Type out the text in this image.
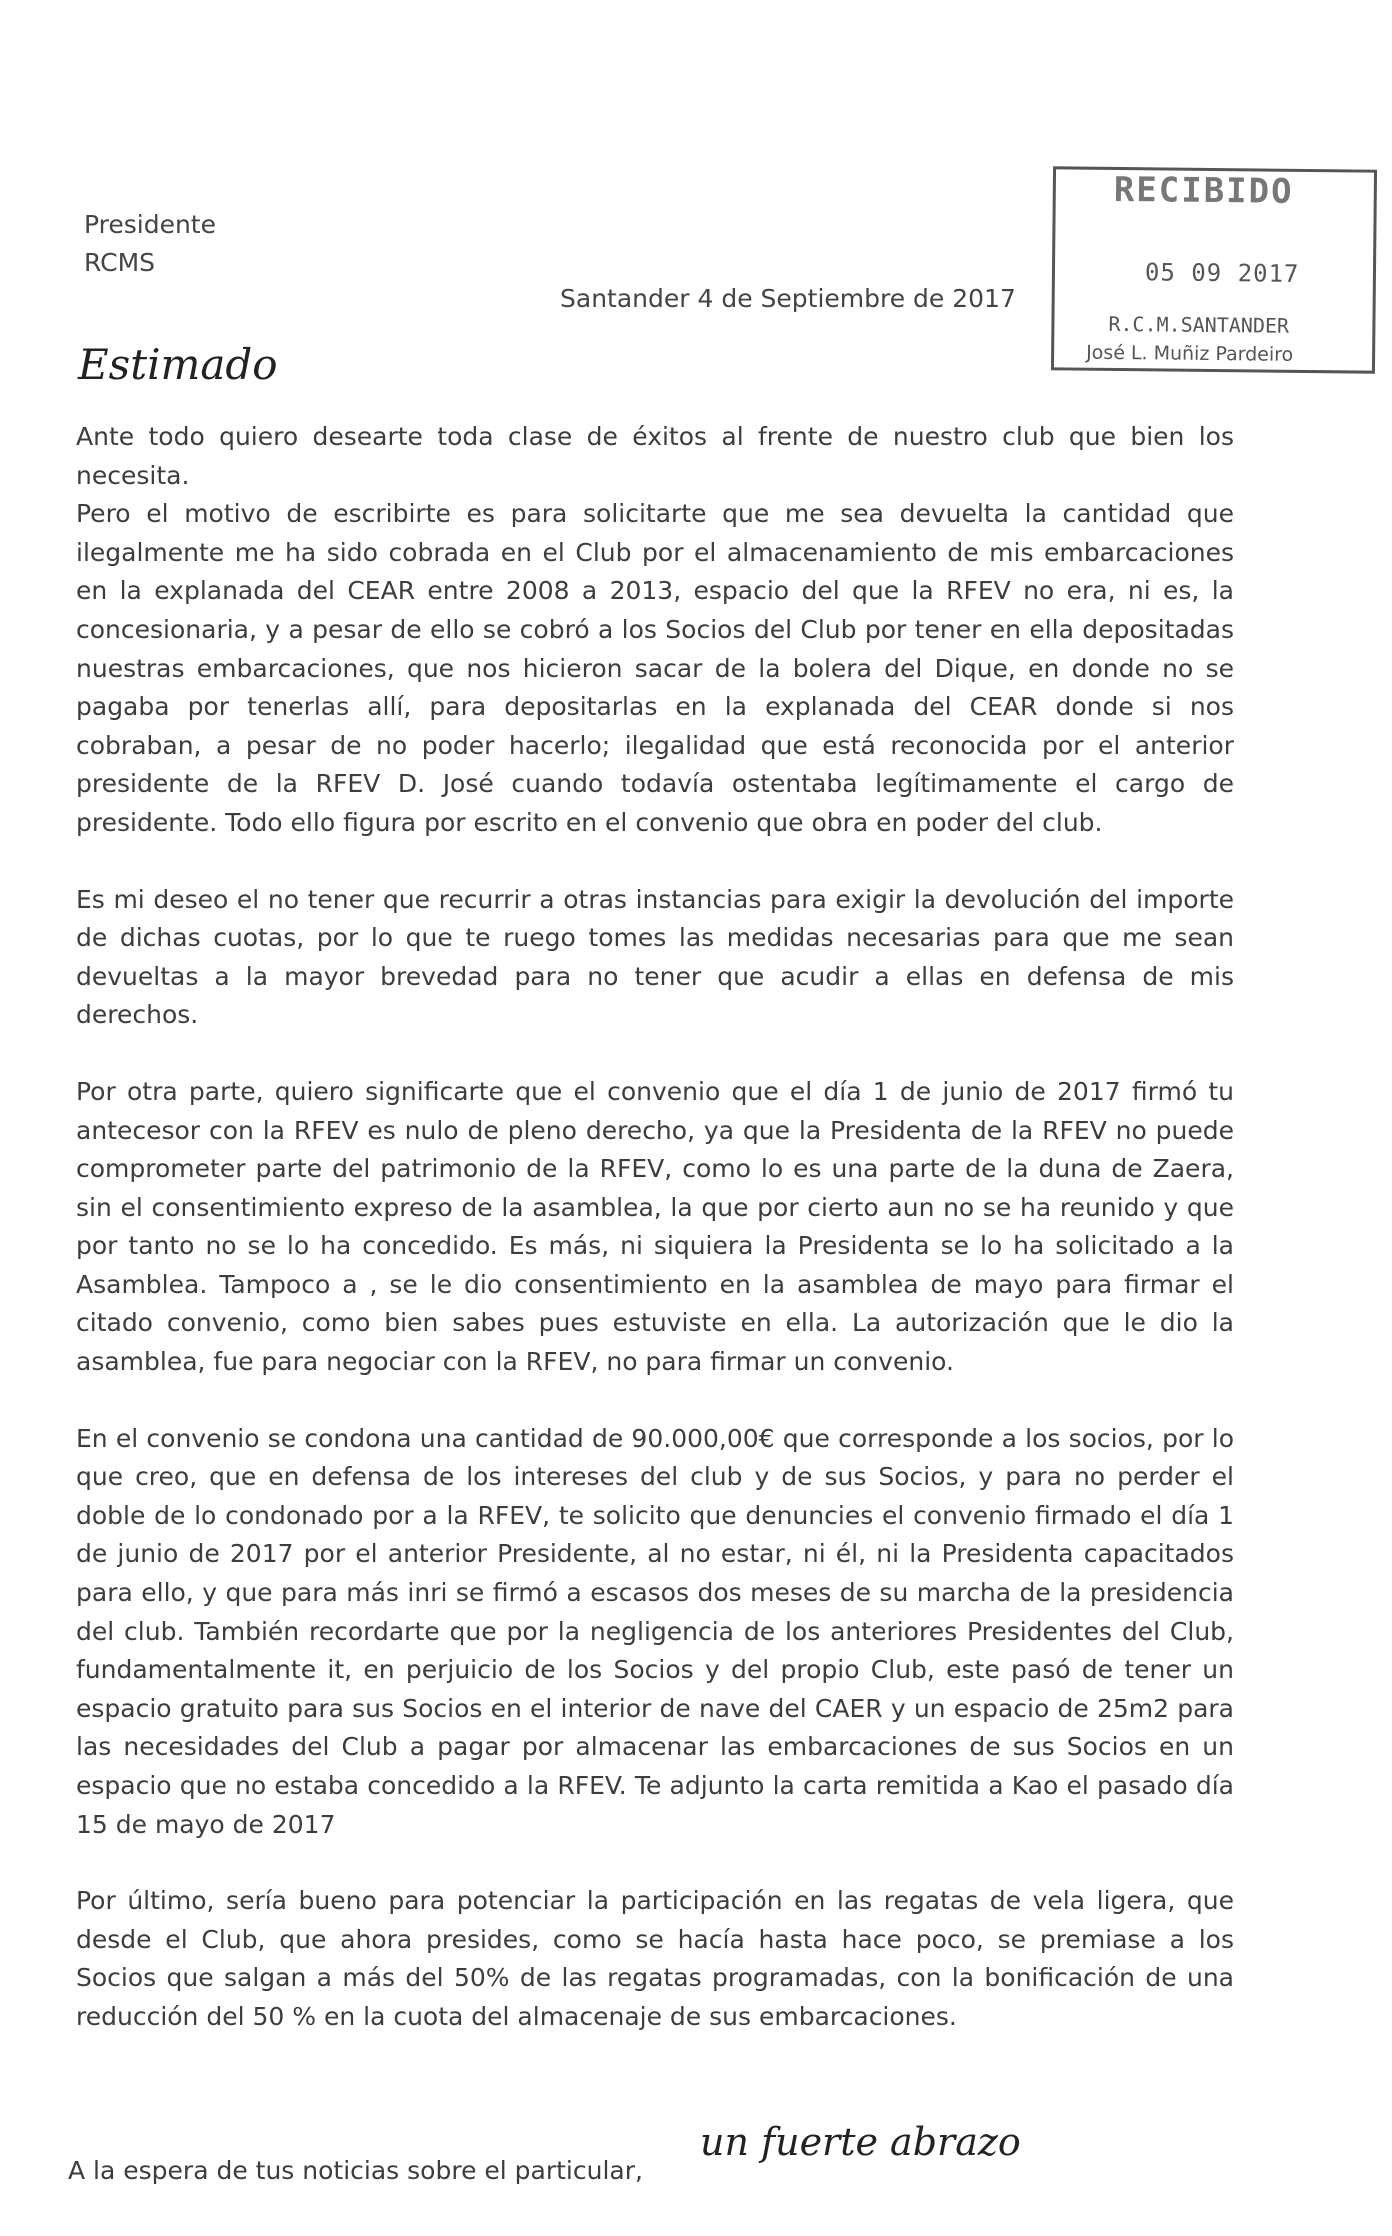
Presidente
RCMS
Santander 4 de Septiembre de 2017
RECIBIDO
05 09 2017
R.C.M.SANTANDER
José L. Muñiz Pardeiro
Estimado

Ante todo quiero desearte toda clase de éxitos al frente de nuestro club que bien los necesita.

Pero el motivo de escribirte es para solicitarte que me sea devuelta la cantidad que ilegalmente me ha sido cobrada en el Club por el almacenamiento de mis embarcaciones en la explanada del CEAR entre 2008 a 2013, espacio del que la RFEV no era, ni es, la concesionaria, y a pesar de ello se cobró a los Socios del Club por tener en ella depositadas nuestras embarcaciones, que nos hicieron sacar de la bolera del Dique, en donde no se pagaba por tenerlas allí, para depositarlas en la explanada del CEAR donde si nos cobraban, a pesar de no poder hacerlo; ilegalidad que está reconocida por el anterior presidente de la RFEV D. José cuando todavía ostentaba legítimamente el cargo de presidente. Todo ello figura por escrito en el convenio que obra en poder del club.

Es mi deseo el no tener que recurrir a otras instancias para exigir la devolución del importe de dichas cuotas, por lo que te ruego tomes las medidas necesarias para que me sean devueltas a la mayor brevedad para no tener que acudir a ellas en defensa de mis derechos.

Por otra parte, quiero significarte que el convenio que el día 1 de junio de 2017 firmó tu antecesor con la RFEV es nulo de pleno derecho, ya que la Presidenta de la RFEV no puede comprometer parte del patrimonio de la RFEV, como lo es una parte de la duna de Zaera, sin el consentimiento expreso de la asamblea, la que por cierto aun no se ha reunido y que por tanto no se lo ha concedido. Es más, ni siquiera la Presidenta se lo ha solicitado a la Asamblea. Tampoco a , se le dio consentimiento en la asamblea de mayo para firmar el citado convenio, como bien sabes pues estuviste en ella. La autorización que le dio la asamblea, fue para negociar con la RFEV, no para firmar un convenio.

En el convenio se condona una cantidad de 90.000,00€ que corresponde a los socios, por lo que creo, que en defensa de los intereses del club y de sus Socios, y para no perder el doble de lo condonado por a la RFEV, te solicito que denuncies el convenio firmado el día 1 de junio de 2017 por el anterior Presidente, al no estar, ni él, ni la Presidenta capacitados para ello, y que para más inri se firmó a escasos dos meses de su marcha de la presidencia del club. También recordarte que por la negligencia de los anteriores Presidentes del Club, fundamentalmente it, en perjuicio de los Socios y del propio Club, este pasó de tener un espacio gratuito para sus Socios en el interior de nave del CAER y un espacio de 25m2 para las necesidades del Club a pagar por almacenar las embarcaciones de sus Socios en un espacio que no estaba concedido a la RFEV. Te adjunto la carta remitida a Kao el pasado día 15 de mayo de 2017

Por último, sería bueno para potenciar la participación en las regatas de vela ligera, que desde el Club, que ahora presides, como se hacía hasta hace poco, se premiase a los Socios que salgan a más del 50% de las regatas programadas, con la bonificación de una reducción del 50 % en la cuota del almacenaje de sus embarcaciones.

A la espera de tus noticias sobre el particular,
un fuerte abrazo
